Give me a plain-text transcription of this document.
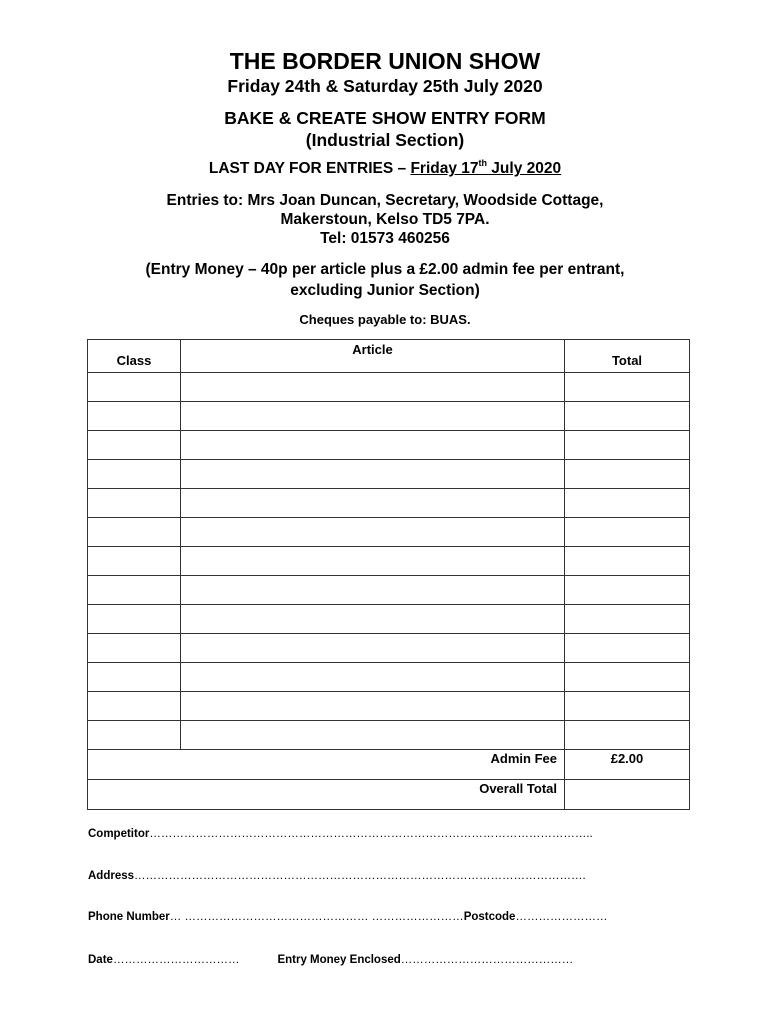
THE BORDER UNION SHOW
Friday 24th & Saturday 25th July 2020
BAKE & CREATE SHOW ENTRY FORM
(Industrial Section)
LAST DAY FOR ENTRIES – Friday 17th July 2020
Entries to: Mrs Joan Duncan, Secretary, Woodside Cottage,
Makerstoun, Kelso TD5 7PA.
Tel: 01573 460256
(Entry Money – 40p per article plus a £2.00 admin fee per entrant,
excluding Junior Section)
Cheques payable to: BUAS.
Class	Article	Total

Admin Fee		£2.00
Overall Total		
Competitor……………………………………………………………………………………………………..
Address……………………………………………………………………………………………………….
Phone Number… ………………………………………… ……………………Postcode……………………
Date……………………………	Entry Money Enclosed………………………………………
